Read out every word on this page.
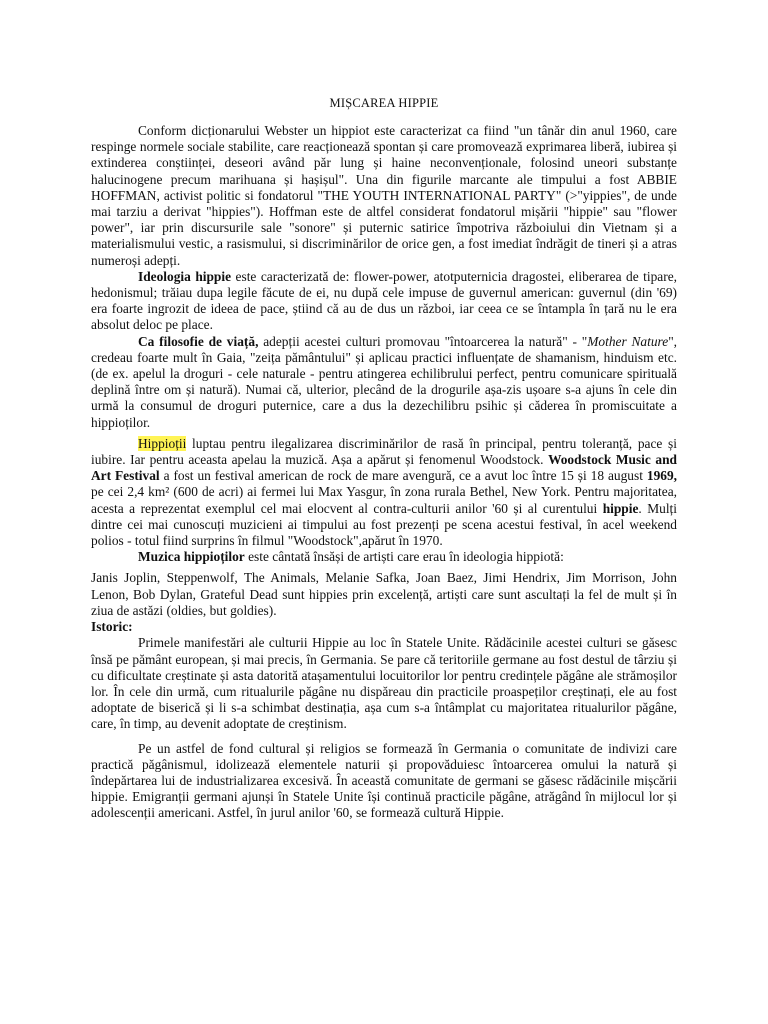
MIȘCAREA HIPPIE

Conform dicționarului Webster un hippiot este caracterizat ca fiind "un tânăr din anul 1960, care respinge normele sociale stabilite, care reacționează spontan și care promovează exprimarea liberă, iubirea și extinderea conștiinței, deseori având păr lung și haine neconvenționale, folosind uneori substanțe halucinogene precum marihuana și hașișul". Una din figurile marcante ale timpului a fost ABBIE HOFFMAN, activist politic si fondatorul "THE YOUTH INTERNATIONAL PARTY" (>"yippies", de unde mai tarziu a derivat "hippies"). Hoffman este de altfel considerat fondatorul mișării "hippie" sau "flower power", iar prin discursurile sale "sonore" și puternic satirice împotriva războiului din Vietnam și a materialismului vestic, a rasismului, si discriminărilor de orice gen, a fost imediat îndrăgit de tineri și a atras numeroși adepți.

Ideologia hippie este caracterizată de: flower-power, atotputernicia dragostei, eliberarea de tipare, hedonismul; trăiau dupa legile făcute de ei, nu după cele impuse de guvernul american: guvernul (din '69) era foarte ingrozit de ideea de pace, știind că au de dus un război, iar ceea ce se întampla în țară nu le era absolut deloc pe place.

Ca filosofie de viață, adepții acestei culturi promovau "întoarcerea la natură" - "Mother Nature", credeau foarte mult în Gaia, "zeița pământului" și aplicau practici influențate de shamanism, hinduism etc. (de ex. apelul la droguri - cele naturale - pentru atingerea echilibrului perfect, pentru comunicare spirituală deplină între om și natură). Numai că, ulterior, plecând de la drogurile așa-zis ușoare s-a ajuns în cele din urmă la consumul de droguri puternice, care a dus la dezechilibru psihic și căderea în promiscuitate a hippioților.

Hippioții luptau pentru ilegalizarea discriminărilor de rasă în principal, pentru toleranță, pace și iubire. Iar pentru aceasta apelau la muzică. Așa a apărut și fenomenul Woodstock. Woodstock Music and Art Festival a fost un festival american de rock de mare avengură, ce a avut loc între 15 și 18 august 1969, pe cei 2,4 km² (600 de acri) ai fermei lui Max Yasgur, în zona rurala Bethel, New York. Pentru majoritatea, acesta a reprezentat exemplul cel mai elocvent al contra-culturii anilor '60 și al curentului hippie. Mulți dintre cei mai cunoscuți muzicieni ai timpului au fost prezenți pe scena acestui festival, în acel weekend polios - totul fiind surprins în filmul "Woodstock",apărut în 1970.

Muzica hippioților este cântată însăși de artiști care erau în ideologia hippiotă:

Janis Joplin, Steppenwolf, The Animals, Melanie Safka, Joan Baez, Jimi Hendrix, Jim Morrison, John Lenon, Bob Dylan, Grateful Dead sunt hippies prin excelență, artiști care sunt ascultați la fel de mult și în ziua de astăzi (oldies, but goldies).

Istoric:

Primele manifestări ale culturii Hippie au loc în Statele Unite. Rădăcinile acestei culturi se găsesc însă pe pământ european, și mai precis, în Germania. Se pare că teritoriile germane au fost destul de târziu și cu dificultate creștinate și asta datorită atașamentului locuitorilor lor pentru credințele păgâne ale strămoșilor lor. În cele din urmă, cum ritualurile păgâne nu dispăreau din practicile proaspeților creștinați, ele au fost adoptate de biserică și li s-a schimbat destinația, așa cum s-a întâmplat cu majoritatea ritualurilor păgâne, care, în timp, au devenit adoptate de creștinism.

Pe un astfel de fond cultural și religios se formează în Germania o comunitate de indivizi care practică păgânismul, idolizează elementele naturii și propovăduiesc întoarcerea omului la natură și îndepărtarea lui de industrializarea excesivă. În această comunitate de germani se găsesc rădăcinile mișcării hippie. Emigranții germani ajunși în Statele Unite își continuă practicile păgâne, atrăgând în mijlocul lor și adolescenții americani. Astfel, în jurul anilor '60, se formează cultură Hippie.
